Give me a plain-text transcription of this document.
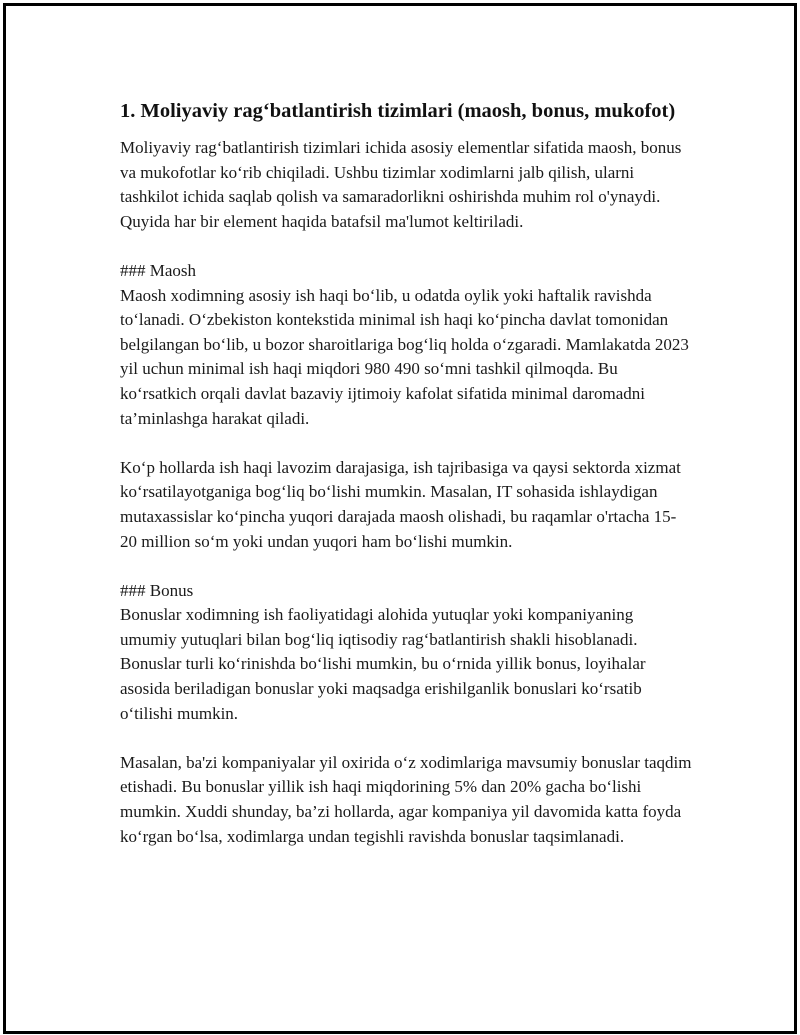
1. Moliyaviy rag‘batlantirish tizimlari (maosh, bonus, mukofot)

Moliyaviy rag‘batlantirish tizimlari ichida asosiy elementlar sifatida maosh, bonus va mukofotlar ko‘rib chiqiladi. Ushbu tizimlar xodimlarni jalb qilish, ularni tashkilot ichida saqlab qolish va samaradorlikni oshirishda muhim rol o'ynaydi. Quyida har bir element haqida batafsil ma'lumot keltiriladi.

### Maosh
Maosh xodimning asosiy ish haqi bo‘lib, u odatda oylik yoki haftalik ravishda to‘lanadi. O‘zbekiston kontekstida minimal ish haqi ko‘pincha davlat tomonidan belgilangan bo‘lib, u bozor sharoitlariga bog‘liq holda o‘zgaradi. Mamlakatda 2023 yil uchun minimal ish haqi miqdori 980 490 so‘mni tashkil qilmoqda. Bu ko‘rsatkich orqali davlat bazaviy ijtimoiy kafolat sifatida minimal daromadni ta’minlashga harakat qiladi.

Ko‘p hollarda ish haqi lavozim darajasiga, ish tajribasiga va qaysi sektorda xizmat ko‘rsatilayotganiga bog‘liq bo‘lishi mumkin. Masalan, IT sohasida ishlaydigan mutaxassislar ko‘pincha yuqori darajada maosh olishadi, bu raqamlar o'rtacha 15-20 million so‘m yoki undan yuqori ham bo‘lishi mumkin.

### Bonus
Bonuslar xodimning ish faoliyatidagi alohida yutuqlar yoki kompaniyaning umumiy yutuqlari bilan bog‘liq iqtisodiy rag‘batlantirish shakli hisoblanadi. Bonuslar turli ko‘rinishda bo‘lishi mumkin, bu o‘rnida yillik bonus, loyihalar asosida beriladigan bonuslar yoki maqsadga erishilganlik bonuslari ko‘rsatib o‘tilishi mumkin.

Masalan, ba'zi kompaniyalar yil oxirida o‘z xodimlariga mavsumiy bonuslar taqdim etishadi. Bu bonuslar yillik ish haqi miqdorining 5% dan 20% gacha bo‘lishi mumkin. Xuddi shunday, ba’zi hollarda, agar kompaniya yil davomida katta foyda ko‘rgan bo‘lsa, xodimlarga undan tegishli ravishda bonuslar taqsimlanadi.
